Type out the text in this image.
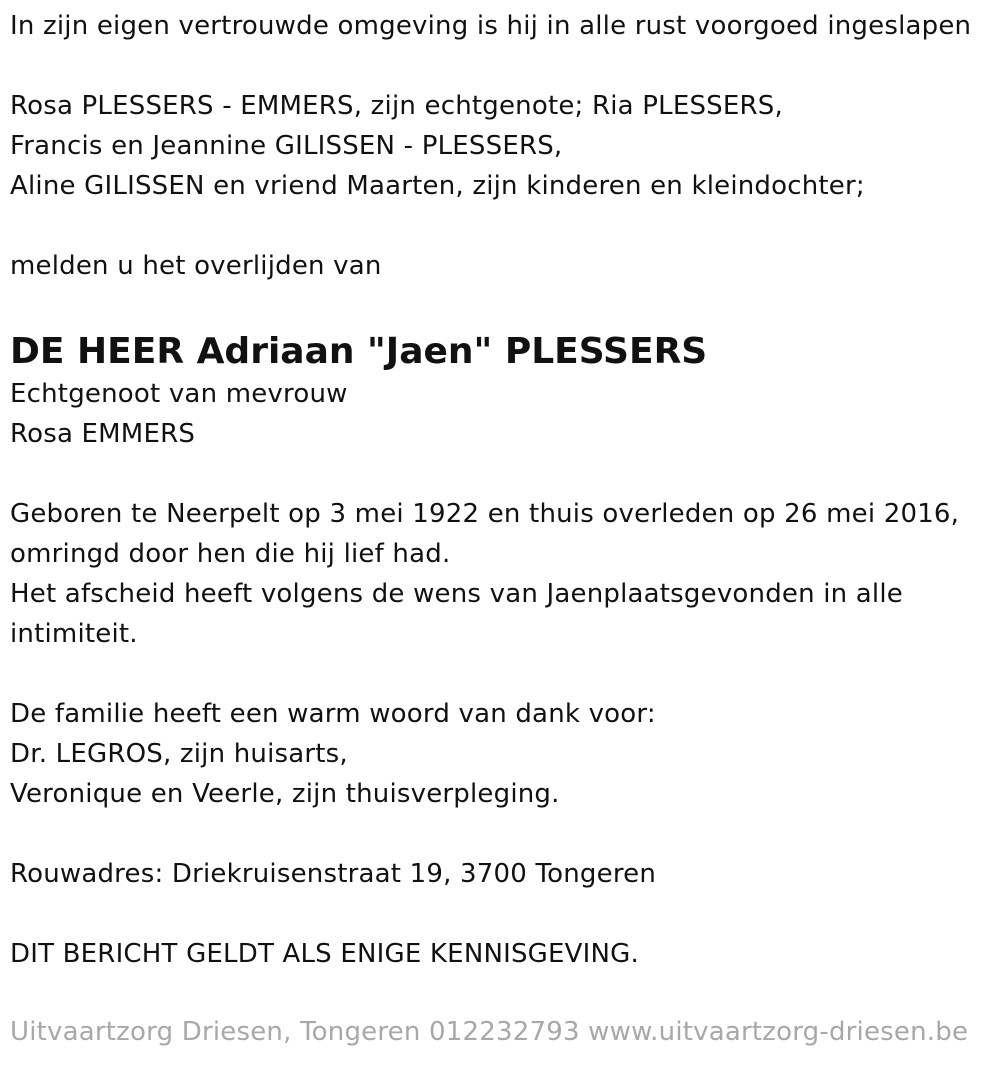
In zijn eigen vertrouwde omgeving is hij in alle rust voorgoed ingeslapen
Rosa PLESSERS - EMMERS, zijn echtgenote; Ria PLESSERS,
Francis en Jeannine GILISSEN - PLESSERS,
Aline GILISSEN en vriend Maarten, zijn kinderen en kleindochter;
melden u het overlijden van
DE HEER Adriaan "Jaen" PLESSERS
Echtgenoot van mevrouw
Rosa EMMERS
Geboren te Neerpelt op 3 mei 1922 en thuis overleden op 26 mei 2016,
omringd door hen die hij lief had.
Het afscheid heeft volgens de wens van Jaenplaatsgevonden in alle
intimiteit.
De familie heeft een warm woord van dank voor:
Dr. LEGROS, zijn huisarts,
Veronique en Veerle, zijn thuisverpleging.
Rouwadres: Driekruisenstraat 19, 3700 Tongeren
DIT BERICHT GELDT ALS ENIGE KENNISGEVING.
Uitvaartzorg Driesen, Tongeren 012232793 www.uitvaartzorg-driesen.be
